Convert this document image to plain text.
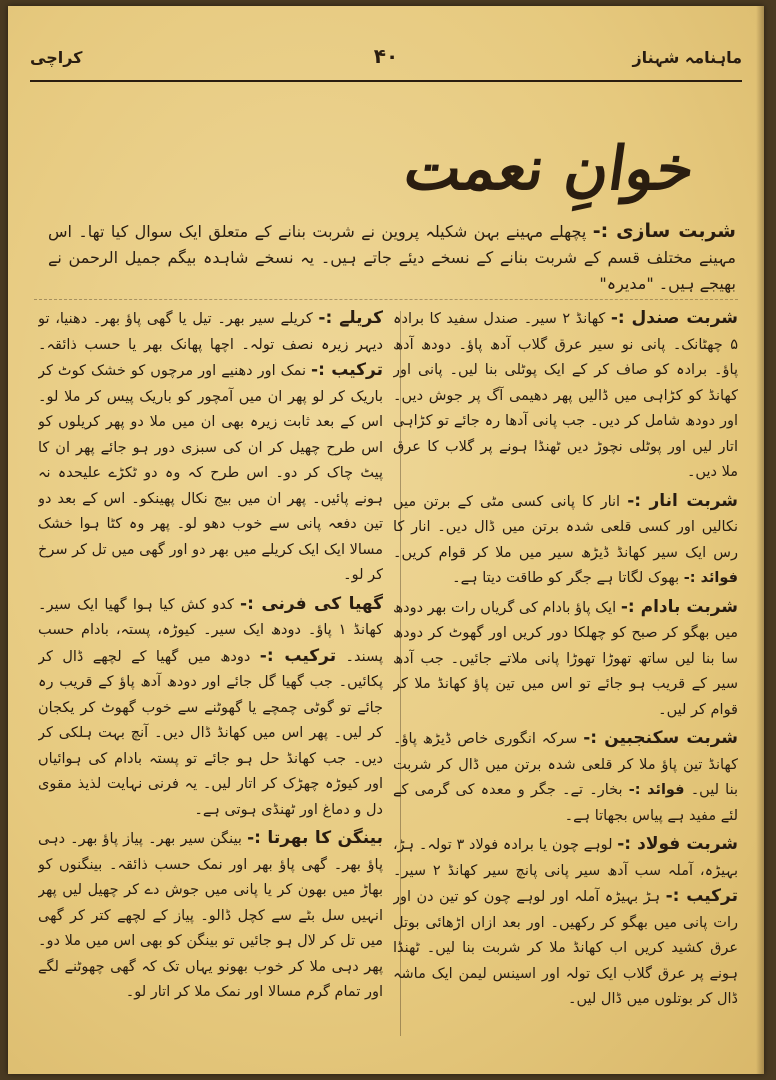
ماہنامہ شہناز
۴۰
کراچی
خوانِ نعمت
شربت سازی :- پچھلے مہینے بہن شکیلہ پروین نے شربت بنانے کے متعلق ایک سوال کیا تھا۔ اس مہینے مختلف قسم کے شربت بنانے کے نسخے دیئے جاتے ہیں۔ یہ نسخے شاہدہ بیگم جمیل الرحمن نے بھیجے ہیں۔ "مدیرہ"

شربت صندل :- کھانڈ ۲ سیر۔ صندل سفید کا برادہ ۵ چھٹانک۔ پانی نو سیر عرق گلاب آدھ پاؤ۔ دودھ آدھ پاؤ۔ برادہ کو صاف کر کے ایک پوٹلی بنا لیں۔ پانی اور کھانڈ کو کڑاہی میں ڈالیں پھر دھیمی آگ پر جوش دیں۔ اور دودھ شامل کر دیں۔ جب پانی آدھا رہ جائے تو کڑاہی اتار لیں اور پوٹلی نچوڑ دیں ٹھنڈا ہونے پر گلاب کا عرق ملا دیں۔

شربت انار :- انار کا پانی کسی مٹی کے برتن میں نکالیں اور کسی قلعی شدہ برتن میں ڈال دیں۔ انار کا رس ایک سیر کھانڈ ڈیڑھ سیر میں ملا کر قوام کریں۔ فوائد :- بھوک لگاتا ہے جگر کو طاقت دیتا ہے۔

شربت بادام :- ایک پاؤ بادام کی گریاں رات بھر دودھ میں بھگو کر صبح کو چھلکا دور کریں اور گھوٹ کر دودھ سا بنا لیں ساتھ تھوڑا تھوڑا پانی ملاتے جائیں۔ جب آدھ سیر کے قریب ہو جائے تو اس میں تین پاؤ کھانڈ ملا کر قوام کر لیں۔

شربت سکنجبین :- سرکہ انگوری خاص ڈیڑھ پاؤ۔ کھانڈ تین پاؤ ملا کر قلعی شدہ برتن میں ڈال کر شربت بنا لیں۔ فوائد :- بخار۔ تے۔ جگر و معدہ کی گرمی کے لئے مفید ہے پیاس بجھاتا ہے۔

شربت فولاد :- لوہے چون یا برادہ فولاد ۳ تولہ۔ ہڑ، بہیڑہ، آملہ سب آدھ سیر پانی پانچ سیر کھانڈ ۲ سیر۔ ترکیب :- ہڑ بہیڑہ آملہ اور لوہے چون کو تین دن اور رات پانی میں بھگو کر رکھیں۔ اور بعد ازاں اڑھائی بوتل عرق کشید کریں اب کھانڈ ملا کر شربت بنا لیں۔ ٹھنڈا ہونے پر عرق گلاب ایک تولہ اور اسینس لیمن ایک ماشہ ڈال کر بوتلوں میں ڈال لیں۔

کریلے :- کریلے سیر بھر۔ تیل یا گھی پاؤ بھر۔ دھنیا، تو دیہر زیرہ نصف تولہ۔ اچھا پھانک بھر یا حسب ذائقہ۔ ترکیب :- نمک اور دھنیے اور مرچوں کو خشک کوٹ کر باریک کر لو پھر ان میں آمچور کو باریک پیس کر ملا لو۔ اس کے بعد ثابت زیرہ بھی ان میں ملا دو پھر کریلوں کو اس طرح چھیل کر ان کی سبزی دور ہو جائے پھر ان کا پیٹ چاک کر دو۔ اس طرح کہ وہ دو ٹکڑے علیحدہ نہ ہونے پائیں۔ پھر ان میں بیج نکال پھینکو۔ اس کے بعد دو تین دفعہ پانی سے خوب دھو لو۔ پھر وہ کٹا ہوا خشک مسالا ایک ایک کریلے میں بھر دو اور گھی میں تل کر سرخ کر لو۔

گھیا کی فرنی :- کدو کش کیا ہوا گھیا ایک سیر۔ کھانڈ ۱ پاؤ۔ دودھ ایک سیر۔ کیوڑہ، پستہ، بادام حسب پسند۔ ترکیب :- دودھ میں گھیا کے لچھے ڈال کر پکائیں۔ جب گھیا گل جائے اور دودھ آدھ پاؤ کے قریب رہ جائے تو گوٹی چمچے یا گھوٹنے سے خوب گھوٹ کر یکجان کر لیں۔ پھر اس میں کھانڈ ڈال دیں۔ آنچ بہت ہلکی کر دیں۔ جب کھانڈ حل ہو جائے تو پستہ بادام کی ہوائیاں اور کیوڑہ چھڑک کر اتار لیں۔ یہ فرنی نہایت لذیذ مقوی دل و دماغ اور ٹھنڈی ہوتی ہے۔

بینگن کا بھرتا :- بینگن سیر بھر۔ پیاز پاؤ بھر۔ دہی پاؤ بھر۔ گھی پاؤ بھر اور نمک حسب ذائقہ۔ بینگنوں کو بھاڑ میں بھون کر یا پانی میں جوش دے کر چھیل لیں پھر انہیں سل بٹے سے کچل ڈالو۔ پیاز کے لچھے کتر کر گھی میں تل کر لال ہو جائیں تو بینگن کو بھی اس میں ملا دو۔ پھر دہی ملا کر خوب بھونو یہاں تک کہ گھی چھوٹنے لگے اور تمام گرم مسالا اور نمک ملا کر اتار لو۔
